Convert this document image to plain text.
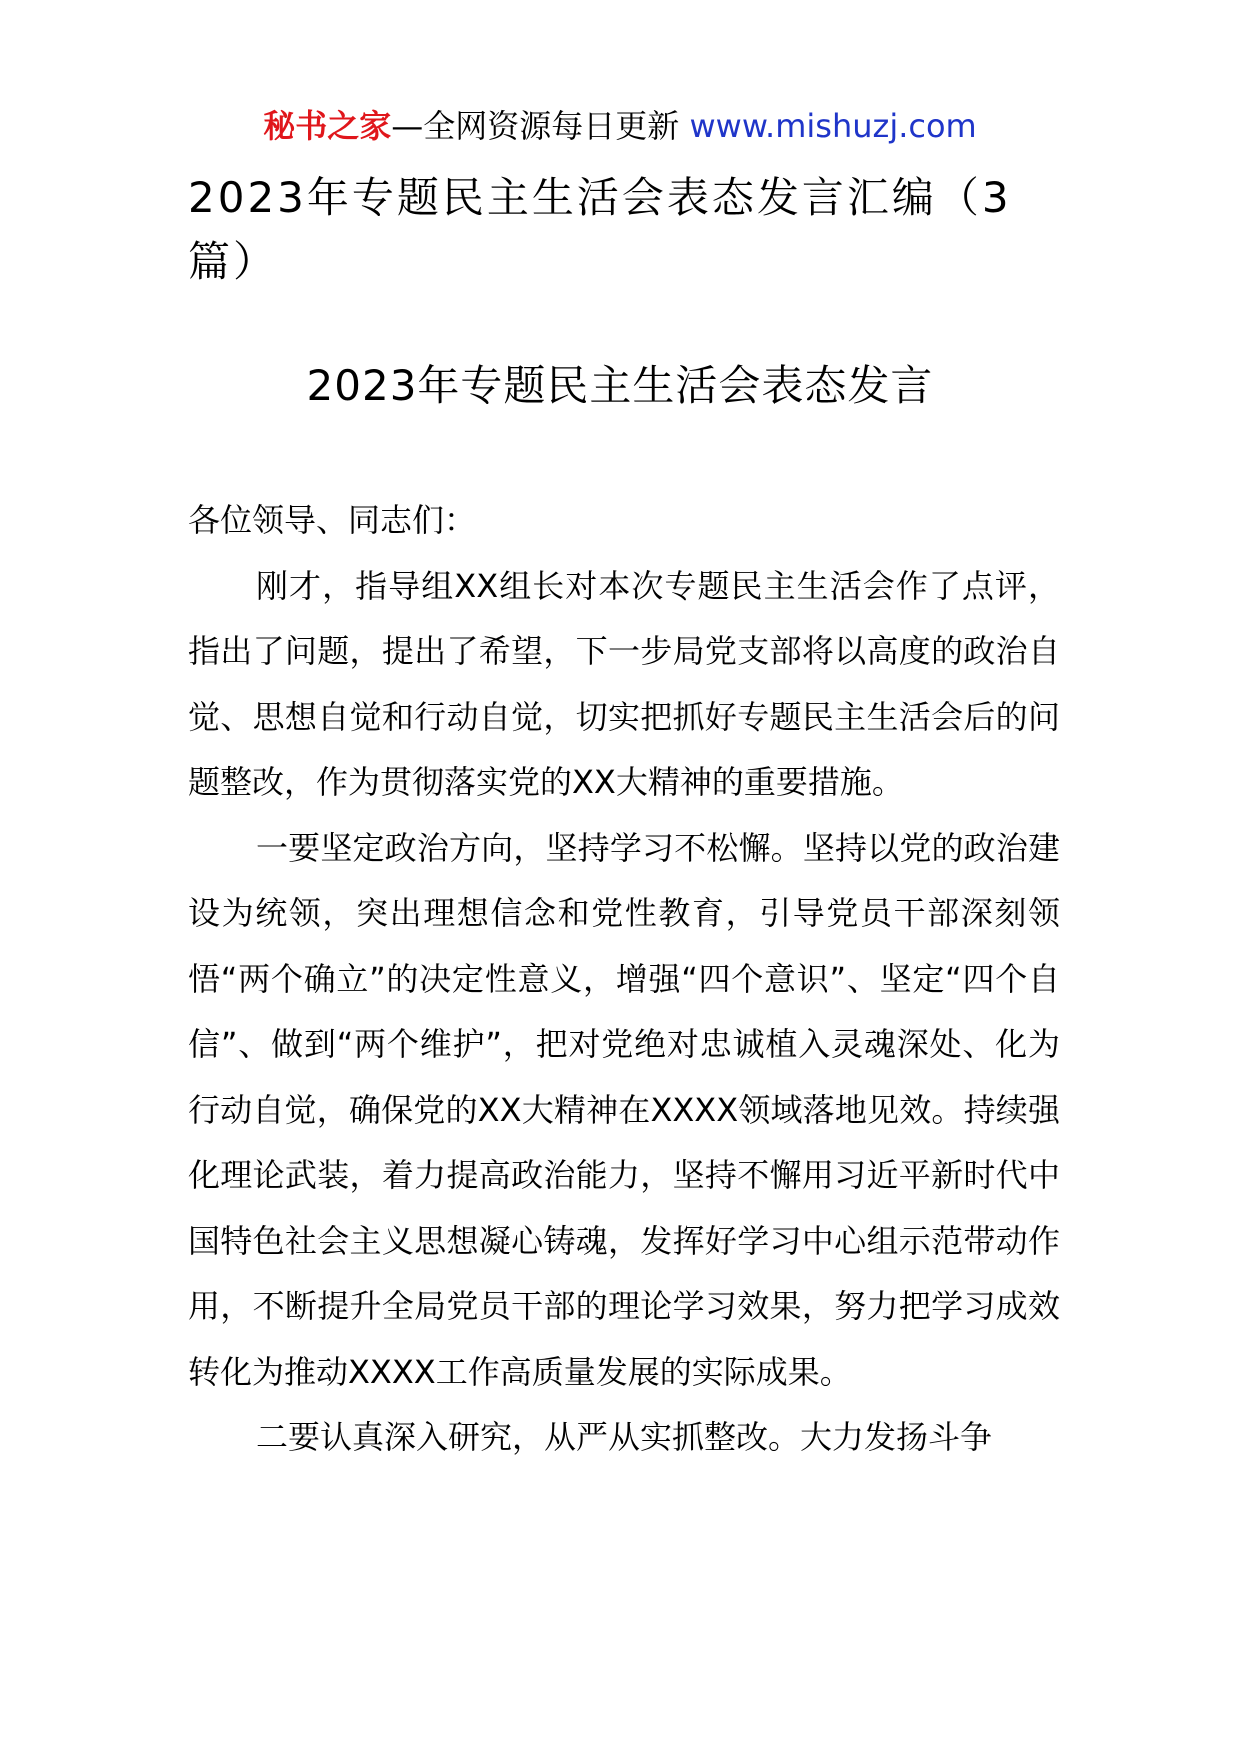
秘书之家—全网资源每日更新 www.mishuzj.com
2023年专题民主生活会表态发言汇编（3篇）
2023年专题民主生活会表态发言

各位领导、同志们：

刚才，指导组XX组长对本次专题民主生活会作了点评，指出了问题，提出了希望，下一步局党支部将以高度的政治自觉、思想自觉和行动自觉，切实把抓好专题民主生活会后的问题整改，作为贯彻落实党的XX大精神的重要措施。

一要坚定政治方向，坚持学习不松懈。坚持以党的政治建设为统领，突出理想信念和党性教育，引导党员干部深刻领悟“两个确立”的决定性意义，增强“四个意识”、坚定“四个自信”、做到“两个维护”，把对党绝对忠诚植入灵魂深处、化为行动自觉，确保党的XX大精神在XXXX领域落地见效。持续强化理论武装，着力提高政治能力，坚持不懈用习近平新时代中国特色社会主义思想凝心铸魂，发挥好学习中心组示范带动作用，不断提升全局党员干部的理论学习效果，努力把学习成效转化为推动XXXX工作高质量发展的实际成果。

二要认真深入研究，从严从实抓整改。大力发扬斗争
